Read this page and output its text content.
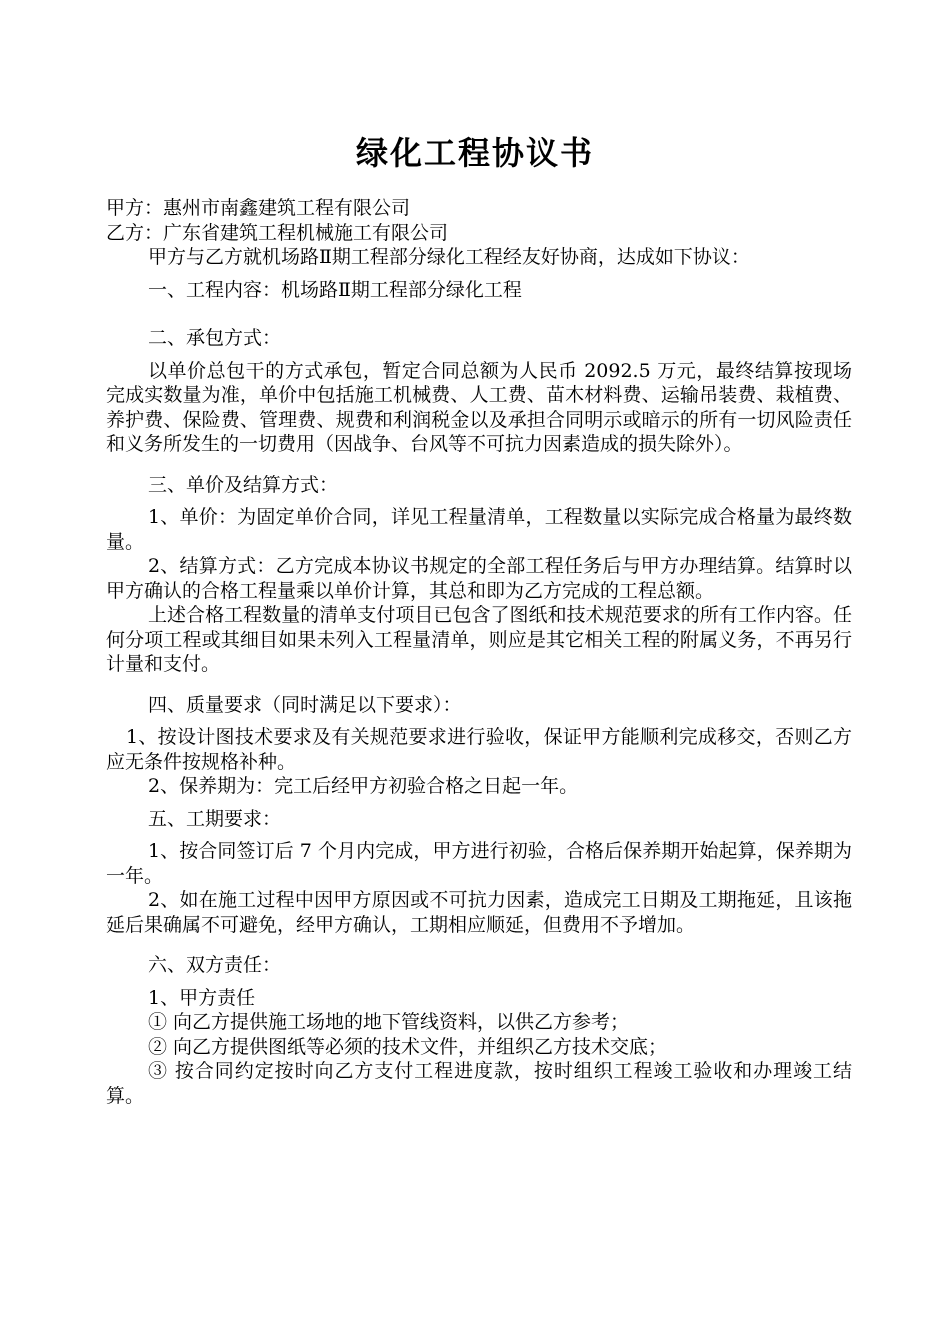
绿化工程协议书
甲方：惠州市南鑫建筑工程有限公司
乙方：广东省建筑工程机械施工有限公司
甲方与乙方就机场路Ⅱ期工程部分绿化工程经友好协商，达成如下协议：
一、工程内容：机场路Ⅱ期工程部分绿化工程
二、承包方式：
以单价总包干的方式承包，暂定合同总额为人民币 2092.5 万元，最终结算按现场完成实数量为准，单价中包括施工机械费、人工费、苗木材料费、运输吊装费、栽植费、养护费、保险费、管理费、规费和利润税金以及承担合同明示或暗示的所有一切风险责任和义务所发生的一切费用（因战争、台风等不可抗力因素造成的损失除外）。
三、单价及结算方式：
1、单价：为固定单价合同，详见工程量清单，工程数量以实际完成合格量为最终数量。
2、结算方式：乙方完成本协议书规定的全部工程任务后与甲方办理结算。结算时以甲方确认的合格工程量乘以单价计算，其总和即为乙方完成的工程总额。
上述合格工程数量的清单支付项目已包含了图纸和技术规范要求的所有工作内容。任何分项工程或其细目如果未列入工程量清单，则应是其它相关工程的附属义务，不再另行计量和支付。
四、质量要求（同时满足以下要求）：
1、按设计图技术要求及有关规范要求进行验收，保证甲方能顺利完成移交，否则乙方应无条件按规格补种。
2、保养期为：完工后经甲方初验合格之日起一年。
五、工期要求：
1、按合同签订后 7 个月内完成，甲方进行初验，合格后保养期开始起算，保养期为一年。
2、如在施工过程中因甲方原因或不可抗力因素，造成完工日期及工期拖延，且该拖延后果确属不可避免，经甲方确认，工期相应顺延，但费用不予增加。
六、双方责任：
1、甲方责任
① 向乙方提供施工场地的地下管线资料，以供乙方参考；
② 向乙方提供图纸等必须的技术文件，并组织乙方技术交底；
③ 按合同约定按时向乙方支付工程进度款，按时组织工程竣工验收和办理竣工结算。
